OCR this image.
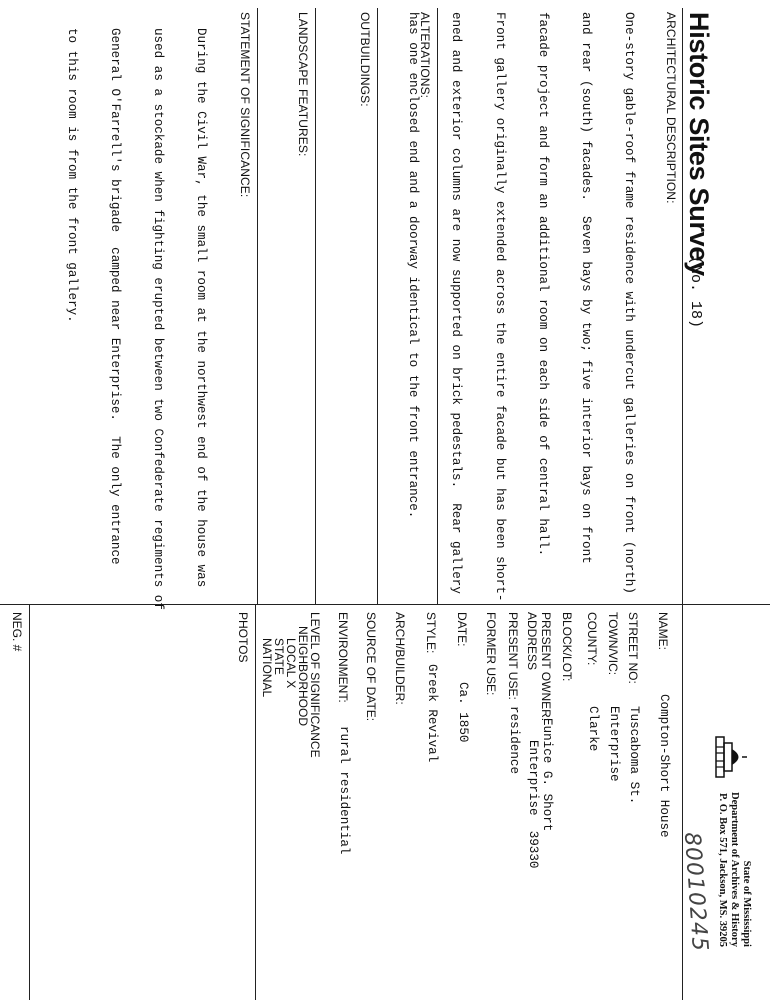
Historic Sites Survey
(No. 18)
State of Mississippi
Department of Archives & History
P. O. Box 571, Jackson, MS. 39205
80010245
ARCHITECTURAL DESCRIPTION:

One-story gable-roof frame residence with undercut galleries on front (north)

and rear (south) facades.  Seven bays by two; five interior bays on front

facade project and form an additional room on each side of central hall.

Front gallery originally extended across the entire facade but has been short-

ened and exterior columns are now supported on brick pedestals.  Rear gallery

has one enclosed end and a doorway identical to the front entrance.

ALTERATIONS:
OUTBUILDINGS:
LANDSCAPE FEATURES:
STATEMENT OF SIGNIFICANCE:

During the Civil War, the small room at the northwest end of the house was

used as a stockade when fighting erupted between two Confederate regiments of

General O'Farrell's brigade  camped near Enterprise.  The only entrance

to this room is from the front gallery.

NAME:
Compton-Short House
STREET NO:
Tuscaboma St.
TOWN/VIC:
Enterprise
COUNTY:
Clarke
BLOCK/LOT:
PRESENT OWNER:
Eunice G. Short
ADDRESS
Enterprise  39330
PRESENT USE:
residence
FORMER USE:
DATE:
Ca. 1850
STYLE:
Greek Revival
ARCH/BUILDER:
SOURCE OF DATE:
ENVIRONMENT:
rural residential
LEVEL OF SIGNIFICANCE
NEIGHBORHOOD
LOCAL X
STATE
NATIONAL
PHOTOS
NEG. #
